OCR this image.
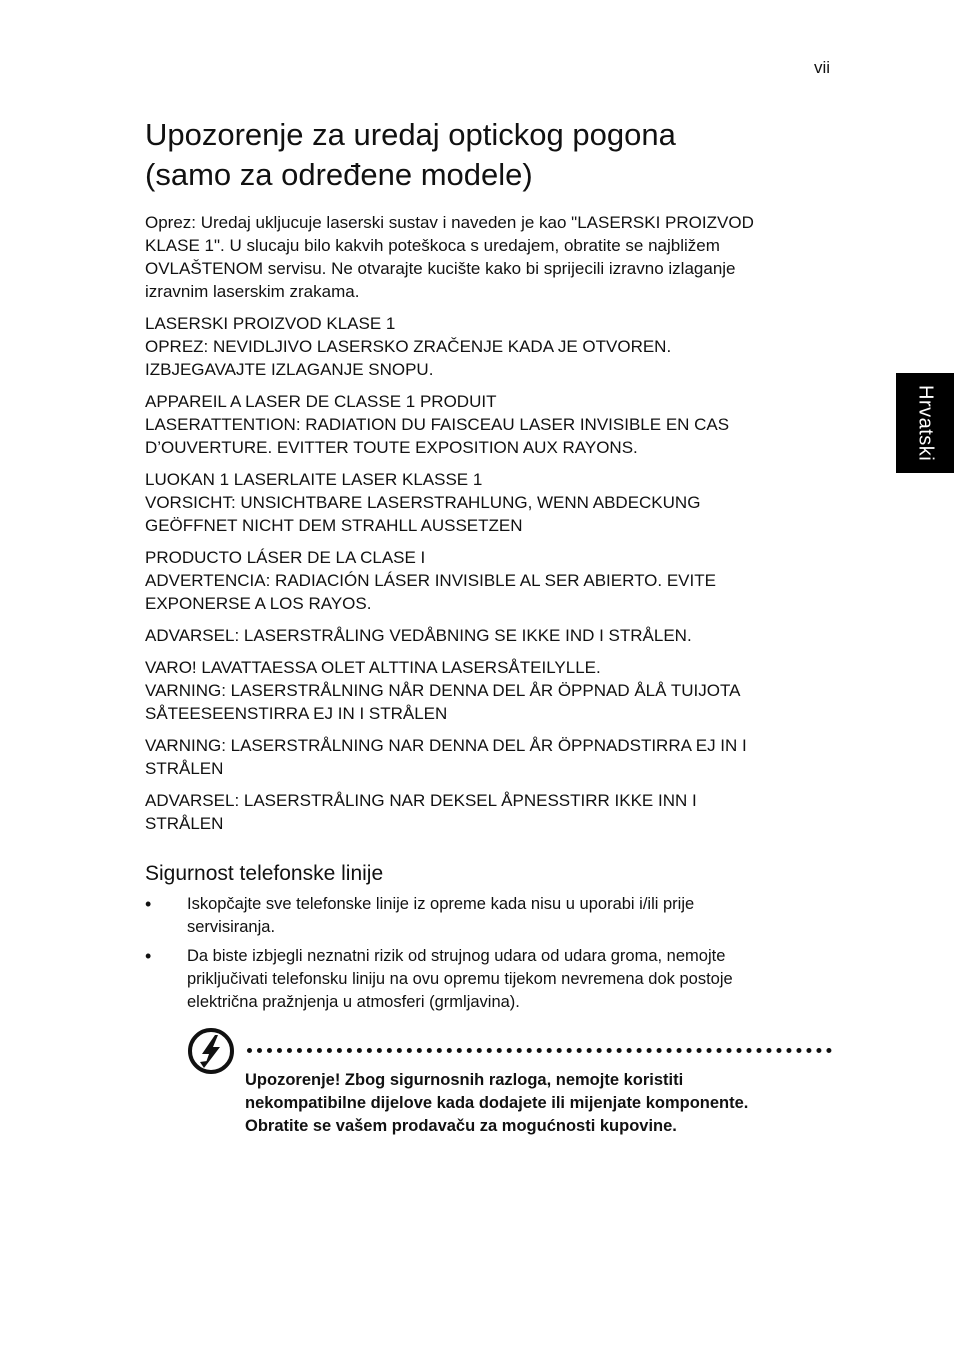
vii
Hrvatski
Upozorenje za uredaj optickog pogona
(samo za određene modele)
Oprez: Uredaj ukljucuje laserski sustav i naveden je kao "LASERSKI PROIZVOD
KLASE 1". U slucaju bilo kakvih poteškoca s uredajem, obratite se najbližem
OVLAŠTENOM servisu. Ne otvarajte kucište kako bi sprijecili izravno izlaganje
izravnim laserskim zrakama.
LASERSKI PROIZVOD KLASE 1
OPREZ: NEVIDLJIVO LASERSKO ZRAČENJE KADA JE OTVOREN.
IZBJEGAVAJTE IZLAGANJE SNOPU.
APPAREIL A LASER DE CLASSE 1 PRODUIT
LASERATTENTION: RADIATION DU FAISCEAU LASER INVISIBLE EN CAS
D’OUVERTURE. EVITTER TOUTE EXPOSITION AUX RAYONS.
LUOKAN 1 LASERLAITE LASER KLASSE 1
VORSICHT: UNSICHTBARE LASERSTRAHLUNG, WENN ABDECKUNG
GEÖFFNET NICHT DEM STRAHLL AUSSETZEN
PRODUCTO LÁSER DE LA CLASE I
ADVERTENCIA: RADIACIÓN LÁSER INVISIBLE AL SER ABIERTO. EVITE
EXPONERSE A LOS RAYOS.
ADVARSEL: LASERSTRÅLING VEDÅBNING SE IKKE IND I STRÅLEN.
VARO! LAVATTAESSA OLET ALTTINA LASERSÅTEILYLLE.
VARNING: LASERSTRÅLNING NÅR DENNA DEL ÅR ÖPPNAD ÅLÅ TUIJOTA
SÅTEESEENSTIRRA EJ IN I STRÅLEN
VARNING: LASERSTRÅLNING NAR DENNA DEL ÅR ÖPPNADSTIRRA EJ IN I
STRÅLEN
ADVARSEL: LASERSTRÅLING NAR DEKSEL ÅPNESSTIRR IKKE INN I
STRÅLEN
Sigurnost telefonske linije
• Iskopčajte sve telefonske linije iz opreme kada nisu u uporabi i/ili prije
servisiranja.
• Da biste izbjegli neznatni rizik od strujnog udara od udara groma, nemojte
priključivati telefonsku liniju na ovu opremu tijekom nevremena dok postoje
električna pražnjenja u atmosferi (grmljavina).
Upozorenje! Zbog sigurnosnih razloga, nemojte koristiti
nekompatibilne dijelove kada dodajete ili mijenjate komponente.
Obratite se vašem prodavaču za mogućnosti kupovine.
